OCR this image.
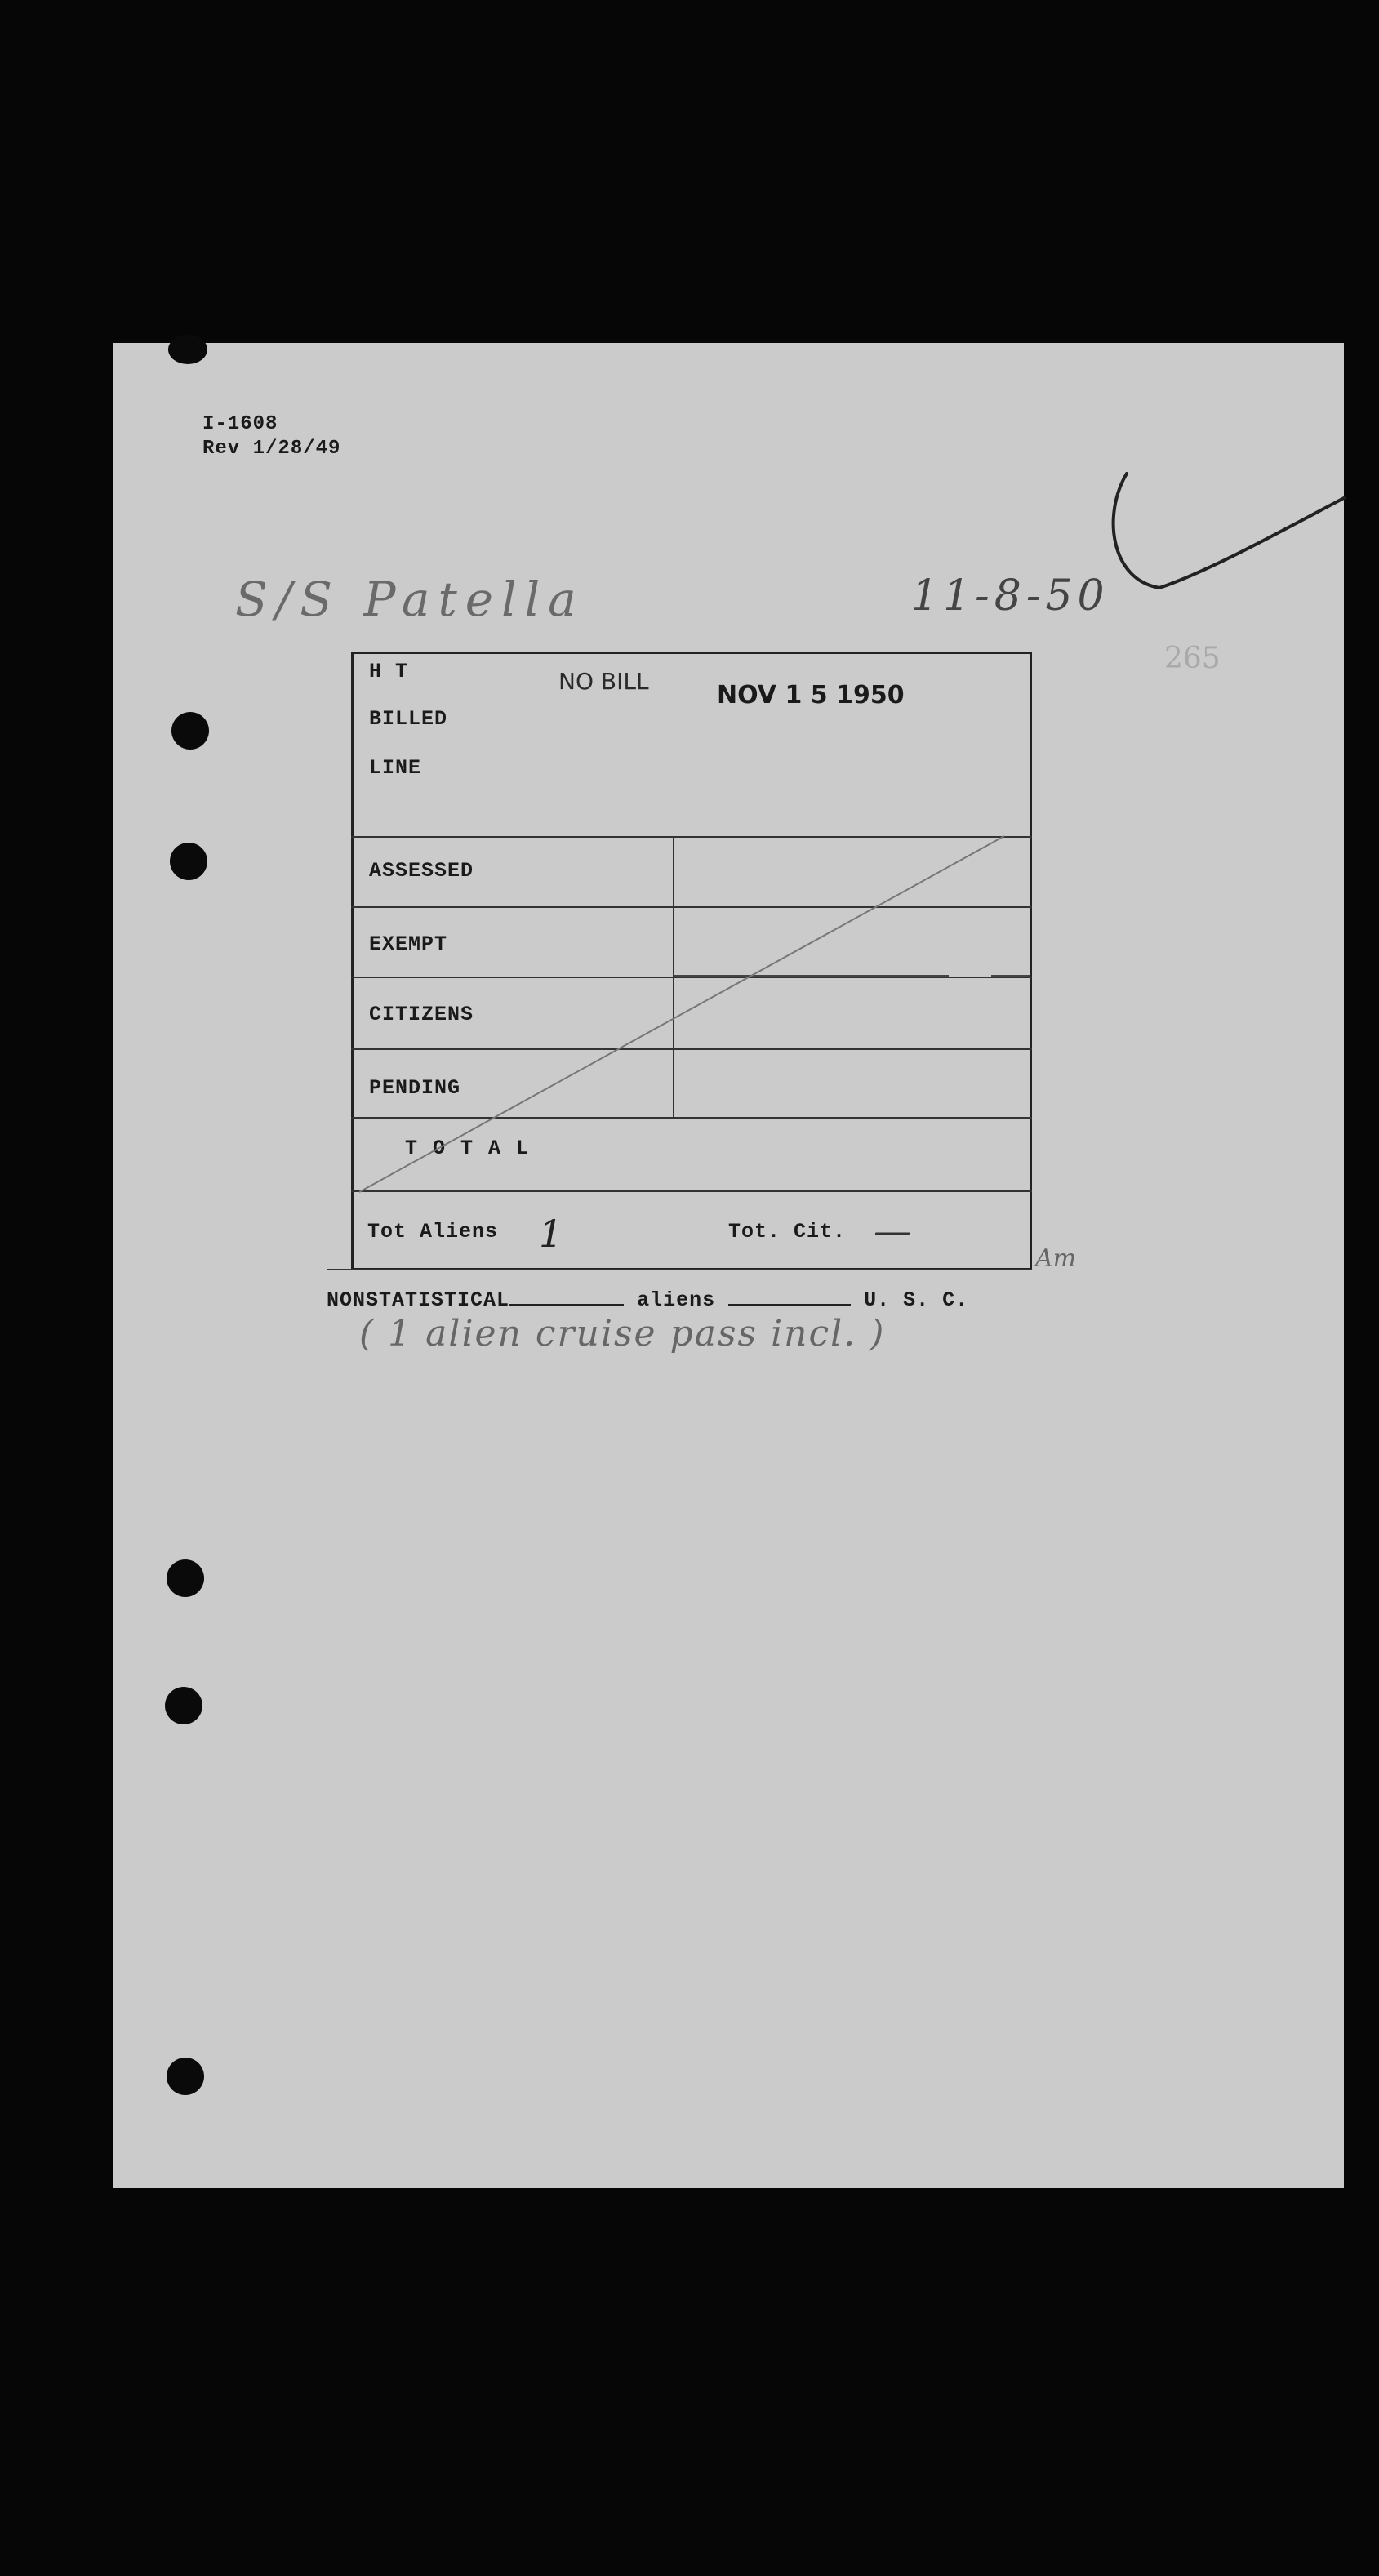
I-1608
Rev 1/28/49
S/S Patella	11-8-50
265
H T
BILLED
LINE
NO BILL	NOV 1 5 1950
ASSESSED
EXEMPT
CITIZENS
PENDING
T O T A L
Tot Aliens 1	Tot. Cit. —
Am
NONSTATISTICAL	aliens	U. S. C.
( 1 alien cruise pass incl. )
